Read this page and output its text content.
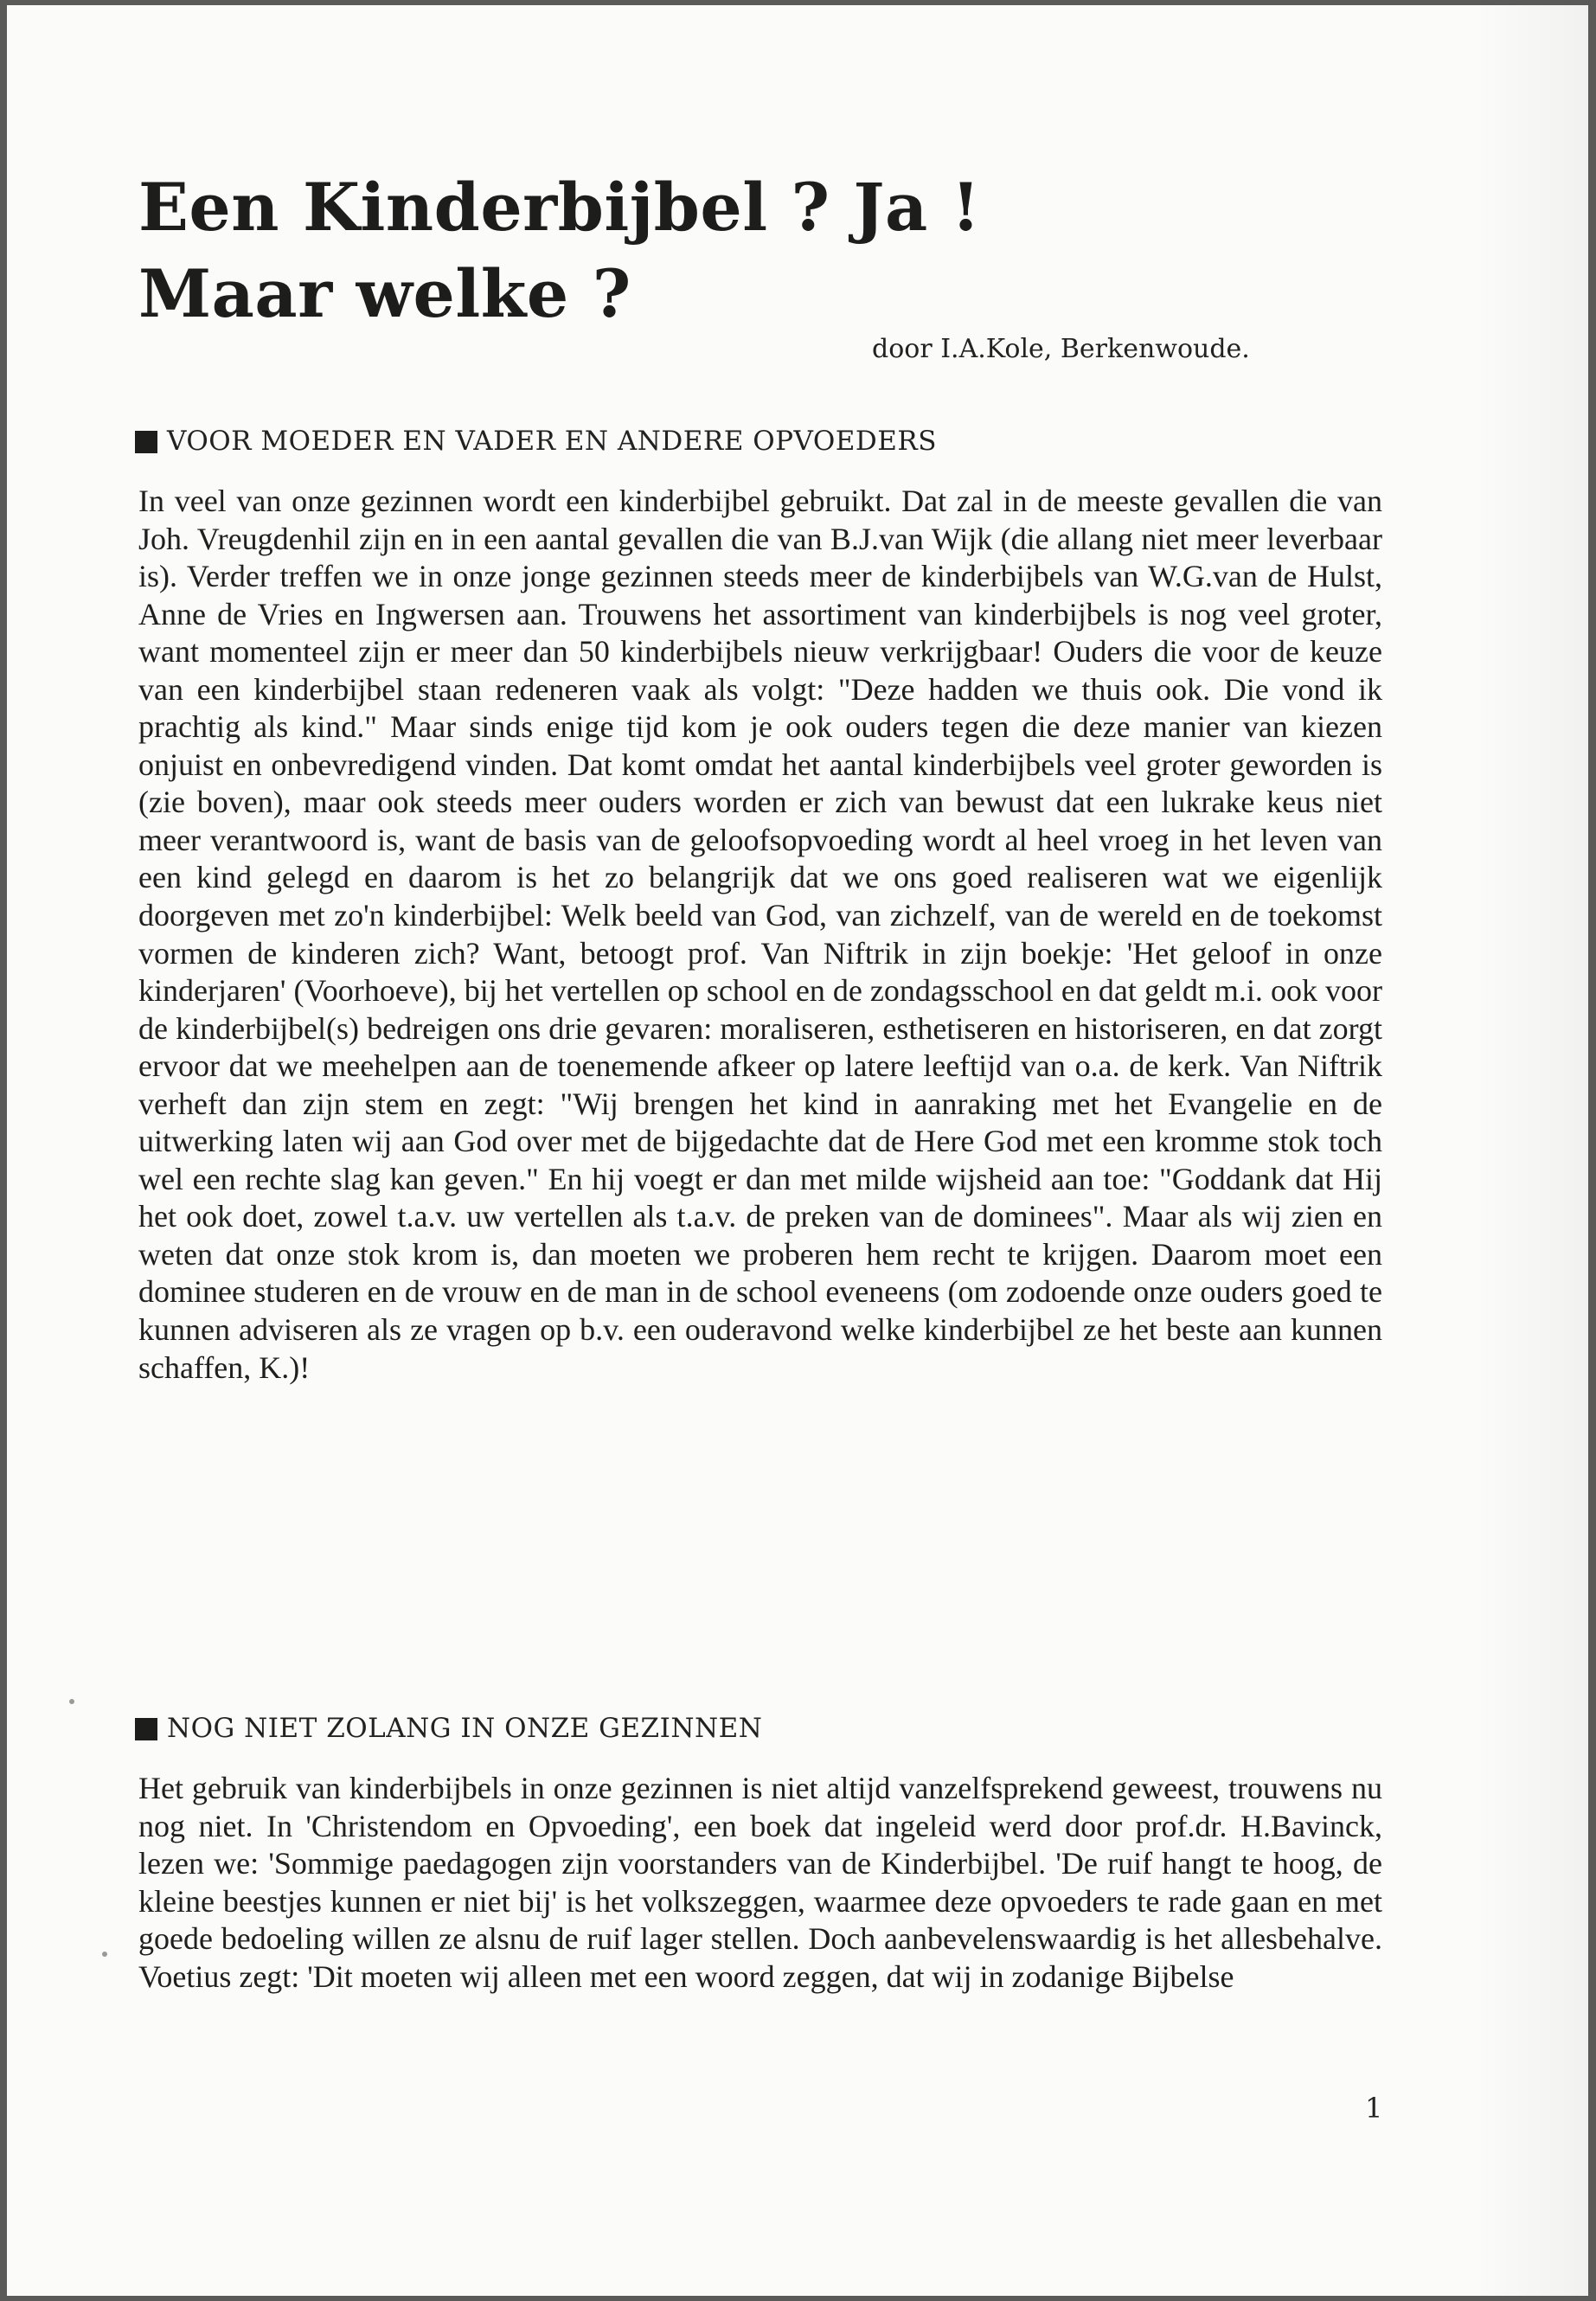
Een Kinderbijbel ? Ja !
Maar welke ?
door I.A.Kole, Berkenwoude.
VOOR MOEDER EN VADER EN ANDERE OPVOEDERS

In veel van onze gezinnen wordt een kinderbijbel gebruikt. Dat zal in de meeste gevallen die van Joh. Vreugdenhil zijn en in een aantal gevallen die van B.J.van Wijk (die allang niet meer leverbaar is). Verder treffen we in onze jonge gezinnen steeds meer de kinderbijbels van W.G.van de Hulst, Anne de Vries en Ingwersen aan. Trouwens het assortiment van kinderbijbels is nog veel groter, want momenteel zijn er meer dan 50 kinderbijbels nieuw verkrijgbaar! Ouders die voor de keuze van een kinderbijbel staan redeneren vaak als volgt: "Deze hadden we thuis ook. Die vond ik prachtig als kind." Maar sinds enige tijd kom je ook ouders tegen die deze manier van kiezen onjuist en onbevredigend vinden. Dat komt omdat het aantal kinderbijbels veel groter geworden is (zie boven), maar ook steeds meer ouders worden er zich van bewust dat een lukrake keus niet meer verantwoord is, want de basis van de geloofsopvoeding wordt al heel vroeg in het leven van een kind gelegd en daarom is het zo belangrijk dat we ons goed realiseren wat we eigenlijk doorgeven met zo'n kinderbijbel: Welk beeld van God, van zichzelf, van de wereld en de toekomst vormen de kinderen zich? Want, betoogt prof. Van Niftrik in zijn boekje: 'Het geloof in onze kinderjaren' (Voorhoeve), bij het vertellen op school en de zondagsschool en dat geldt m.i. ook voor de kinderbijbel(s) bedreigen ons drie gevaren: moraliseren, esthetiseren en historiseren, en dat zorgt ervoor dat we meehelpen aan de toenemende afkeer op latere leeftijd van o.a. de kerk. Van Niftrik verheft dan zijn stem en zegt: "Wij brengen het kind in aanraking met het Evangelie en de uitwerking laten wij aan God over met de bijgedachte dat de Here God met een kromme stok toch wel een rechte slag kan geven." En hij voegt er dan met milde wijsheid aan toe: "Goddank dat Hij het ook doet, zowel t.a.v. uw vertellen als t.a.v. de preken van de dominees". Maar als wij zien en weten dat onze stok krom is, dan moeten we proberen hem recht te krijgen. Daarom moet een dominee studeren en de vrouw en de man in de school eveneens (om zodoende onze ouders goed te kunnen adviseren als ze vragen op b.v. een ouderavond welke kinderbijbel ze het beste aan kunnen schaffen, K.)!

NOG NIET ZOLANG IN ONZE GEZINNEN

Het gebruik van kinderbijbels in onze gezinnen is niet altijd vanzelfsprekend geweest, trouwens nu nog niet. In 'Christendom en Opvoeding', een boek dat ingeleid werd door prof.dr. H.Bavinck, lezen we: 'Sommige paedagogen zijn voorstanders van de Kinderbijbel. 'De ruif hangt te hoog, de kleine beestjes kunnen er niet bij' is het volkszeggen, waarmee deze opvoeders te rade gaan en met goede bedoeling willen ze alsnu de ruif lager stellen. Doch aanbevelenswaardig is het allesbehalve. Voetius zegt: 'Dit moeten wij alleen met een woord zeggen, dat wij in zodanige Bijbelse

1
